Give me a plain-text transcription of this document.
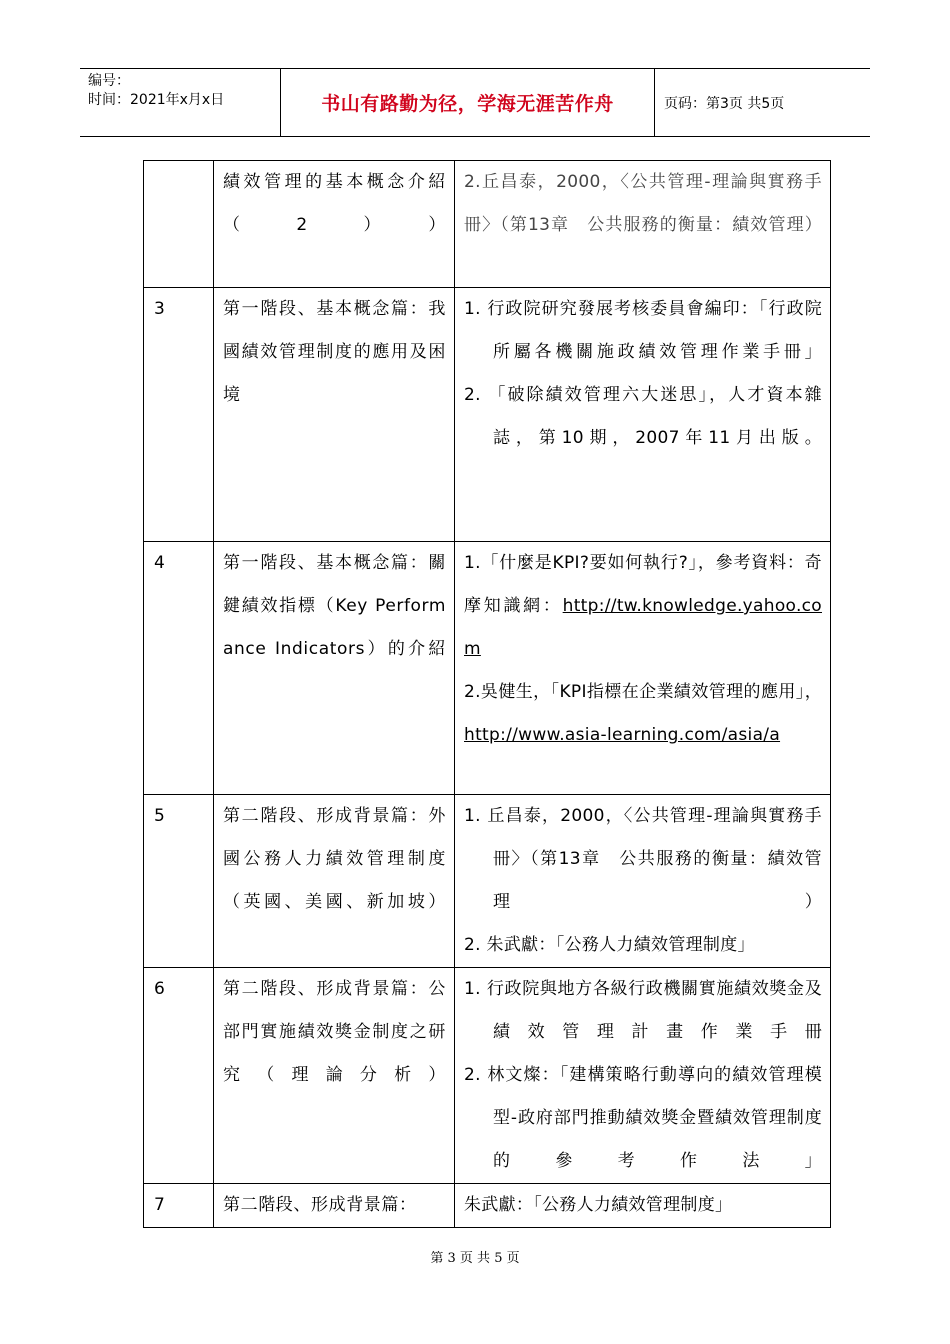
编号：
时间：2021年x月x日	书山有路勤为径，学海无涯苦作舟	页码：第3页 共5页

	績效管理的基本概念介紹（2））	2.丘昌泰，2000，〈公共管理-理論與實務手冊〉（第13章　公共服務的衡量：績效管理）

3	第一階段、基本概念篇：我國績效管理制度的應用及困境	1. 行政院研究發展考核委員會編印：「行政院所屬各機關施政績效管理作業手冊」
2. 「破除績效管理六大迷思」，人才資本雜誌，第10期，2007年11月出版。

4	第一階段、基本概念篇：關鍵績效指標（Key Performance Indicators）的介紹	1.「什麼是KPI?要如何執行?」，參考資料：奇摩知識網：http://tw.knowledge.yahoo.com
2.吳健生，「KPI指標在企業績效管理的應用」，http://www.asia-learning.com/asia/a

5	第二階段、形成背景篇：外國公務人力績效管理制度（英國、美國、新加坡）	1. 丘昌泰，2000，〈公共管理-理論與實務手冊〉（第13章　公共服務的衡量：績效管理）
2. 朱武獻：「公務人力績效管理制度」

6	第二階段、形成背景篇：公部門實施績效獎金制度之研究（理論分析）	1. 行政院與地方各級行政機關實施績效獎金及績效管理計畫作業手冊
2. 林文燦：「建構策略行動導向的績效管理模型-政府部門推動績效獎金暨績效管理制度的參考作法」

7	第二階段、形成背景篇：	朱武獻：「公務人力績效管理制度」
第 3 页 共 5 页
